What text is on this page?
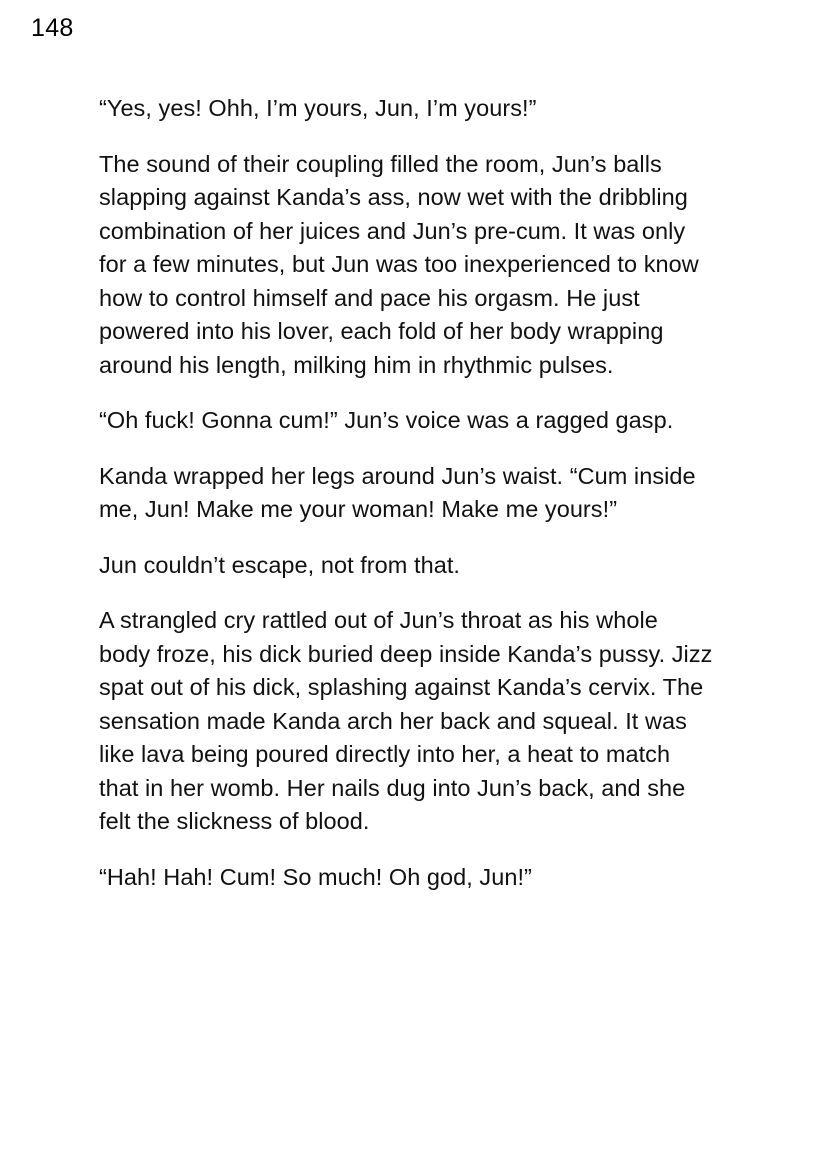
148

“Yes, yes! Ohh, I’m yours, Jun, I’m yours!”

The sound of their coupling filled the room, Jun’s balls slapping against Kanda’s ass, now wet with the dribbling combination of her juices and Jun’s pre-cum. It was only for a few minutes, but Jun was too inexperienced to know how to control himself and pace his orgasm. He just powered into his lover, each fold of her body wrapping around his length, milking him in rhythmic pulses.

“Oh fuck! Gonna cum!” Jun’s voice was a ragged gasp.

Kanda wrapped her legs around Jun’s waist. “Cum inside me, Jun! Make me your woman! Make me yours!”

Jun couldn’t escape, not from that.

A strangled cry rattled out of Jun’s throat as his whole body froze, his dick buried deep inside Kanda’s pussy. Jizz spat out of his dick, splashing against Kanda’s cervix. The sensation made Kanda arch her back and squeal. It was like lava being poured directly into her, a heat to match that in her womb. Her nails dug into Jun’s back, and she felt the slickness of blood.

“Hah! Hah! Cum! So much! Oh god, Jun!”
